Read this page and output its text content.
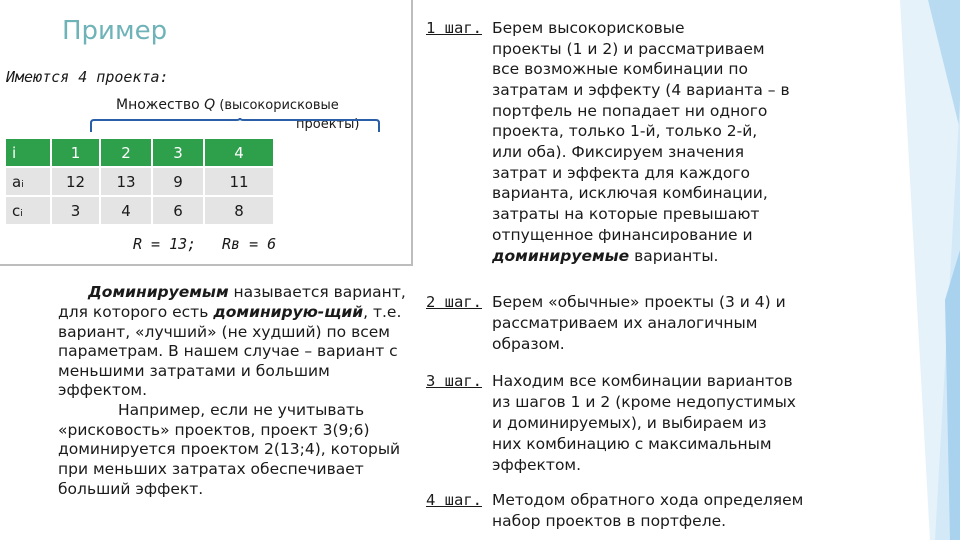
Пример
Имеются 4 проекта:
Множество Q (высокорисковые
проекты)
i	1	2	3	4
aᵢ	12	13	9	11
cᵢ	3	4	6	8
R = 13; Rв = 6
Доминируемым называется вариант,
для которого есть доминирую-щий, т.е.
вариант, «лучший» (не худший) по всем
параметрам. В нашем случае – вариант с
меньшими затратами и большим
эффектом.
Например, если не учитывать
«рисковость» проектов, проект 3(9;6)
доминируется проектом 2(13;4), который
при меньших затратах обеспечивает
больший эффект.
1 шаг. Берем высокорисковые
проекты (1 и 2) и рассматриваем
все возможные комбинации по
затратам и эффекту (4 варианта – в
портфель не попадает ни одного
проекта, только 1-й, только 2-й,
или оба). Фиксируем значения
затрат и эффекта для каждого
варианта, исключая комбинации,
затраты на которые превышают
отпущенное финансирование и
доминируемые варианты.
2 шаг. Берем «обычные» проекты (3 и 4) и
рассматриваем их аналогичным
образом.
3 шаг. Находим все комбинации вариантов
из шагов 1 и 2 (кроме недопустимых
и доминируемых), и выбираем из
них комбинацию с максимальным
эффектом.
4 шаг. Методом обратного хода определяем
набор проектов в портфеле.
